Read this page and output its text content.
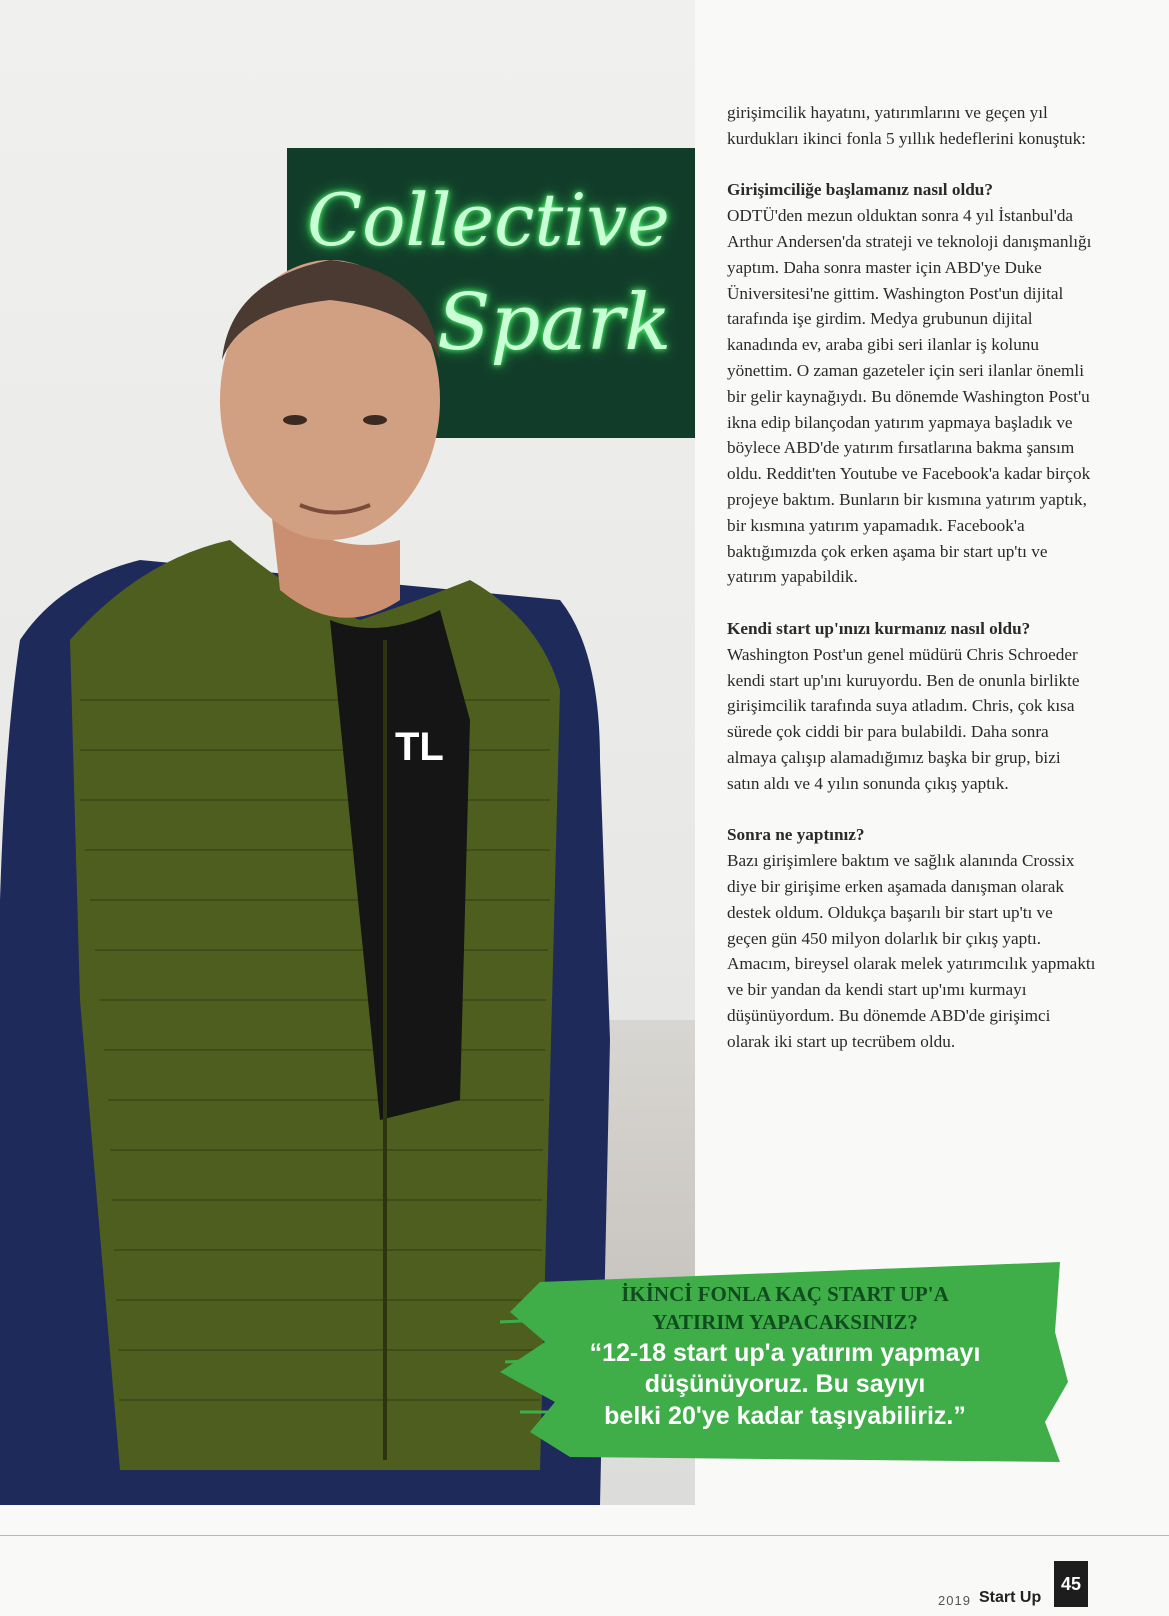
Collective
Spark
TL

girişimcilik hayatını, yatırımlarını ve geçen yıl kurdukları ikinci fonla 5 yıllık hedeflerini konuştuk:

Girişimciliğe başlamanız nasıl oldu?

ODTÜ'den mezun olduktan sonra 4 yıl İstanbul'da Arthur Andersen'da strateji ve teknoloji danışmanlığı yaptım. Daha sonra master için ABD'ye Duke Üniversitesi'ne gittim. Washington Post'un dijital tarafında işe girdim. Medya grubunun dijital kanadında ev, araba gibi seri ilanlar iş kolunu yönettim. O zaman gazeteler için seri ilanlar önemli bir gelir kaynağıydı. Bu dönemde Washington Post'u ikna edip bilançodan yatırım yapmaya başladık ve böylece ABD'de yatırım fırsatlarına bakma şansım oldu. Reddit'ten Youtube ve Facebook'a kadar birçok projeye baktım. Bunların bir kısmına yatırım yaptık, bir kısmına yatırım yapamadık. Facebook'a baktığımızda çok erken aşama bir start up'tı ve yatırım yapabildik.

Kendi start up'ınızı kurmanız nasıl oldu?

Washington Post'un genel müdürü Chris Schroeder kendi start up'ını kuruyordu. Ben de onunla birlikte girişimcilik tarafında suya atladım. Chris, çok kısa sürede çok ciddi bir para bulabildi. Daha sonra almaya çalışıp alamadığımız başka bir grup, bizi satın aldı ve 4 yılın sonunda çıkış yaptık.

Sonra ne yaptınız?

Bazı girişimlere baktım ve sağlık alanında Crossix diye bir girişime erken aşamada danışman olarak destek oldum. Oldukça başarılı bir start up'tı ve geçen gün 450 milyon dolarlık bir çıkış yaptı. Amacım, bireysel olarak melek yatırımcılık yapmaktı ve bir yandan da kendi start up'ımı kurmayı düşünüyordum. Bu dönemde ABD'de girişimci olarak iki start up tecrübem oldu.

İKİNCİ FONLA KAÇ START UP'A
YATIRIM YAPACAKSINIZ?
“12-18 start up'a yatırım yapmayı
düşünüyoruz. Bu sayıyı
belki 20'ye kadar taşıyabiliriz.”
2019 Start Up
45
